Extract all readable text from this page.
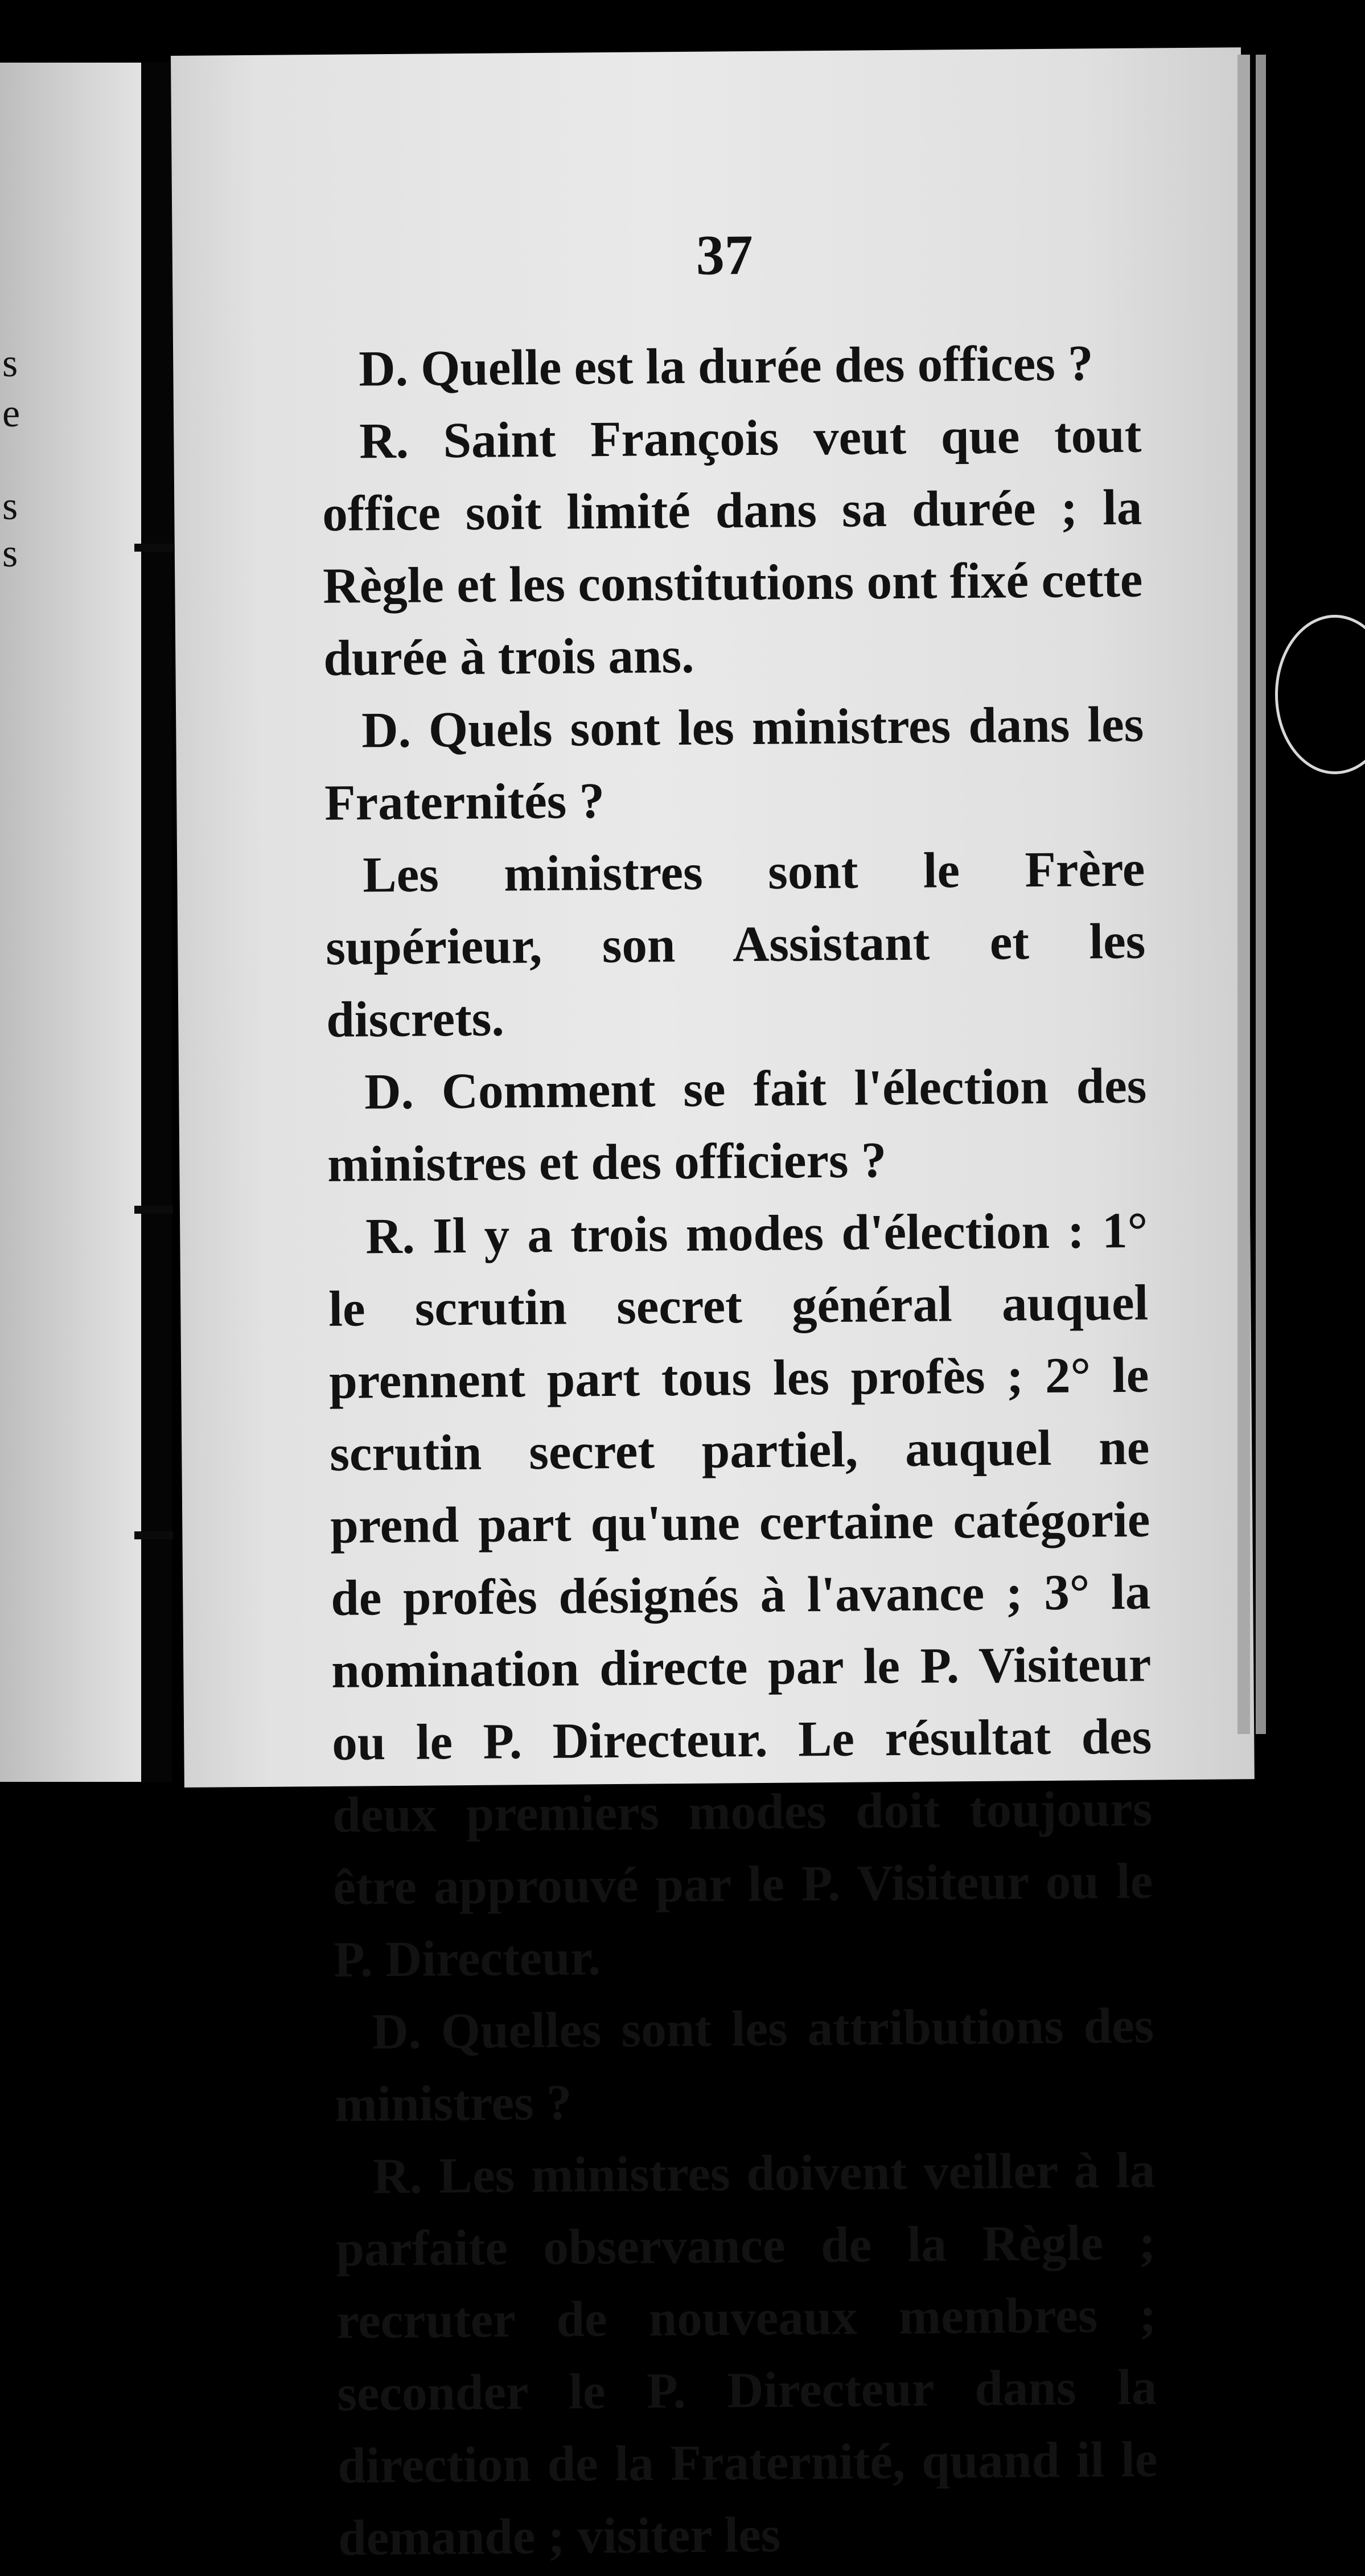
s
e
s
s
37

D. Quelle est la durée des offices ?

R. Saint François veut que tout office soit limité dans sa durée ; la Règle et les constitutions ont fixé cette durée à trois ans.

D. Quels sont les ministres dans les Fraternités ?

Les ministres sont le Frère supérieur, son Assistant et les discrets.

D. Comment se fait l'élection des ministres et des officiers ?

R. Il y a trois modes d'élection : 1° le scrutin secret général auquel prennent part tous les profès ; 2° le scrutin secret partiel, auquel ne prend part qu'une certaine catégorie de profès désignés à l'avance ; 3° la nomination directe par le P. Visiteur ou le P. Directeur. Le résultat des deux premiers modes doit toujours être approuvé par le P. Visiteur ou le P. Directeur.

D. Quelles sont les attributions des ministres ?

R. Les ministres doivent veiller à la parfaite observance de la Règle ; recruter de nouveaux membres ; seconder le P. Directeur dans la direction de la Fraternité, quand il le demande ; visiter les
